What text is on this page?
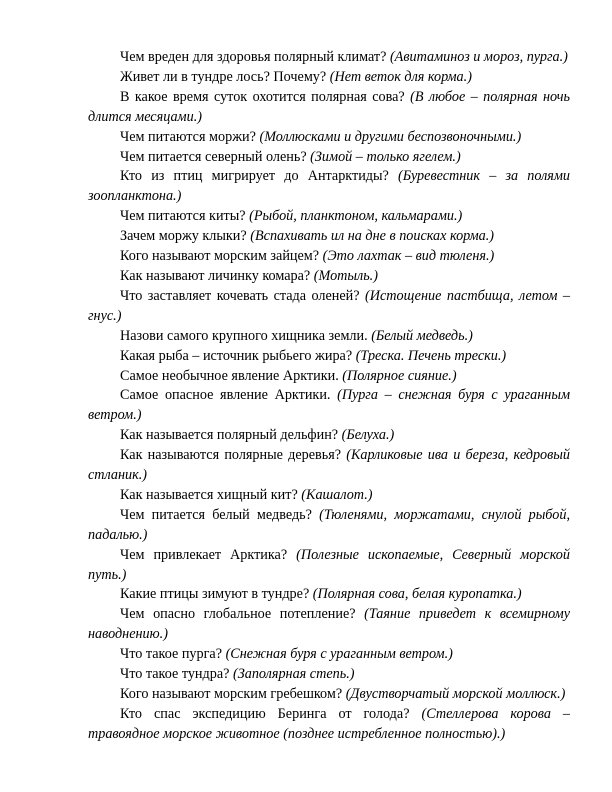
Чем вреден для здоровья полярный климат? (Авитаминоз и мороз, пурга.)

Живет ли в тундре лось? Почему? (Нет веток для корма.)

В какое время суток охотится полярная сова? (В любое – полярная ночь длится месяцами.)

Чем питаются моржи? (Моллюсками и другими беспозвоночными.)

Чем питается северный олень? (Зимой – только ягелем.)

Кто из птиц мигрирует до Антарктиды? (Буревестник – за полями зоопланктона.)

Чем питаются киты? (Рыбой, планктоном, кальмарами.)

Зачем моржу клыки? (Вспахивать ил на дне в поисках корма.)

Кого называют морским зайцем? (Это лахтак – вид тюленя.)

Как называют личинку комара? (Мотыль.)

Что заставляет кочевать стада оленей? (Истощение пастбища, летом – гнус.)

Назови самого крупного хищника земли. (Белый медведь.)

Какая рыба – источник рыбьего жира? (Треска. Печень трески.)

Самое необычное явление Арктики. (Полярное сияние.)

Самое опасное явление Арктики. (Пурга – снежная буря с ураганным ветром.)

Как называется полярный дельфин? (Белуха.)

Как называются полярные деревья? (Карликовые ива и береза, кедровый стланик.)

Как называется хищный кит? (Кашалот.)

Чем питается белый медведь? (Тюленями, моржатами, снулой рыбой, падалью.)

Чем привлекает Арктика? (Полезные ископаемые, Северный морской путь.)

Какие птицы зимуют в тундре? (Полярная сова, белая куропатка.)

Чем опасно глобальное потепление? (Таяние приведет к всемирному наводнению.)

Что такое пурга? (Снежная буря с ураганным ветром.)

Что такое тундра? (Заполярная степь.)

Кого называют морским гребешком? (Двустворчатый морской моллюск.)

Кто спас экспедицию Беринга от голода? (Стеллерова корова – травоядное морское животное (позднее истребленное полностью).)
